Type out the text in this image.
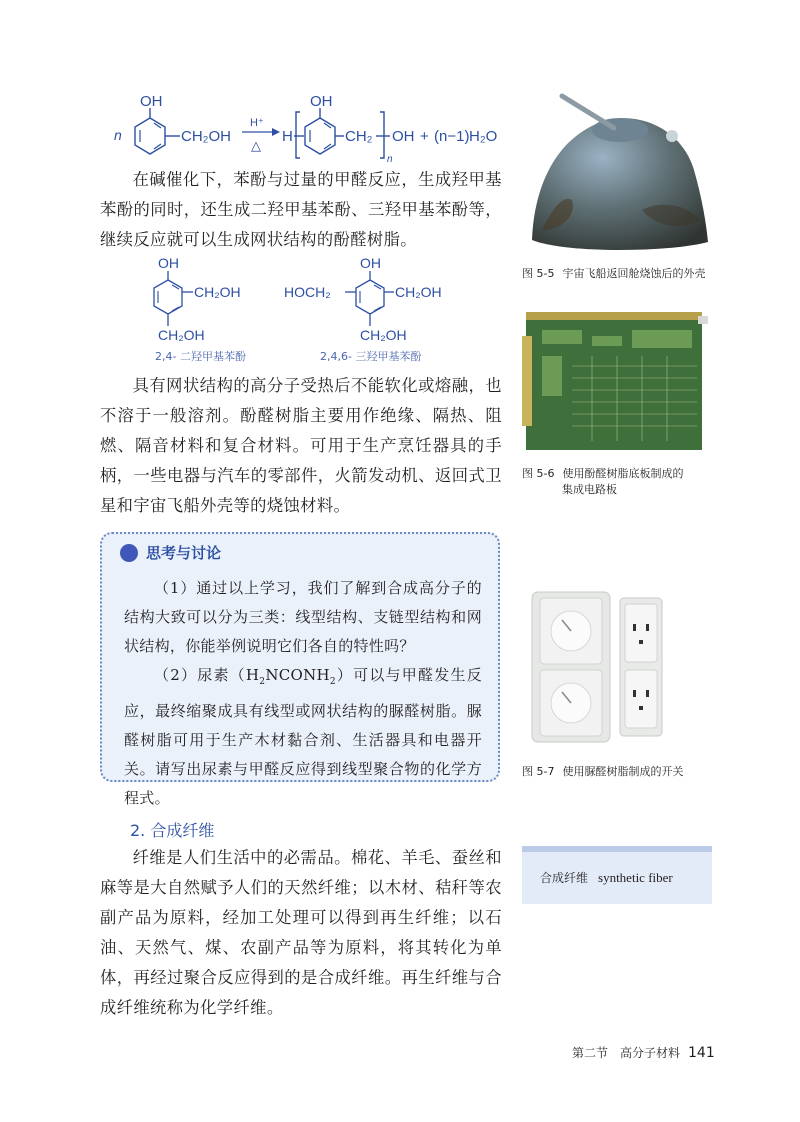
n
OH
CH₂OH
H⁺
△
H
OH
CH₂
n
OH + (n−1) H₂O

在碱催化下，苯酚与过量的甲醛反应，生成羟甲基苯酚的同时，还生成二羟甲基苯酚、三羟甲基苯酚等，继续反应就可以生成网状结构的酚醛树脂。

OH
CH₂OH
CH₂OH
2,4- 二羟甲基苯酚
OH
HOCH₂	CH₂OH
CH₂OH
2,4,6- 三羟甲基苯酚

具有网状结构的高分子受热后不能软化或熔融，也不溶于一般溶剂。酚醛树脂主要用作绝缘、隔热、阻燃、隔音材料和复合材料。可用于生产烹饪器具的手柄，一些电器与汽车的零部件，火箭发动机、返回式卫星和宇宙飞船外壳等的烧蚀材料。

思考与讨论

（1）通过以上学习，我们了解到合成高分子的结构大致可以分为三类：线型结构、支链型结构和网状结构，你能举例说明它们各自的特性吗？

（2）尿素$(H_2NCONH_2)$可以与甲醛发生反应，最终缩聚成具有线型或网状结构的脲醛树脂。脲醛树脂可用于生产木材黏合剂、生活器具和电器开关。请写出尿素与甲醛反应得到线型聚合物的化学方程式。

2. 合成纤维

纤维是人们生活中的必需品。棉花、羊毛、蚕丝和麻等是大自然赋予人们的天然纤维；以木材、秸秆等农副产品为原料，经加工处理可以得到再生纤维；以石油、天然气、煤、农副产品等为原料，将其转化为单体，再经过聚合反应得到的是合成纤维。再生纤维与合成纤维统称为化学纤维。

图 5-5 宇宙飞船返回舱烧蚀后的外壳
图 5-6 使用酚醛树脂底板制成的
集成电路板
图 5-7 使用脲醛树脂制成的开关
合成纤维 synthetic fiber
第二节　高分子材料 141
